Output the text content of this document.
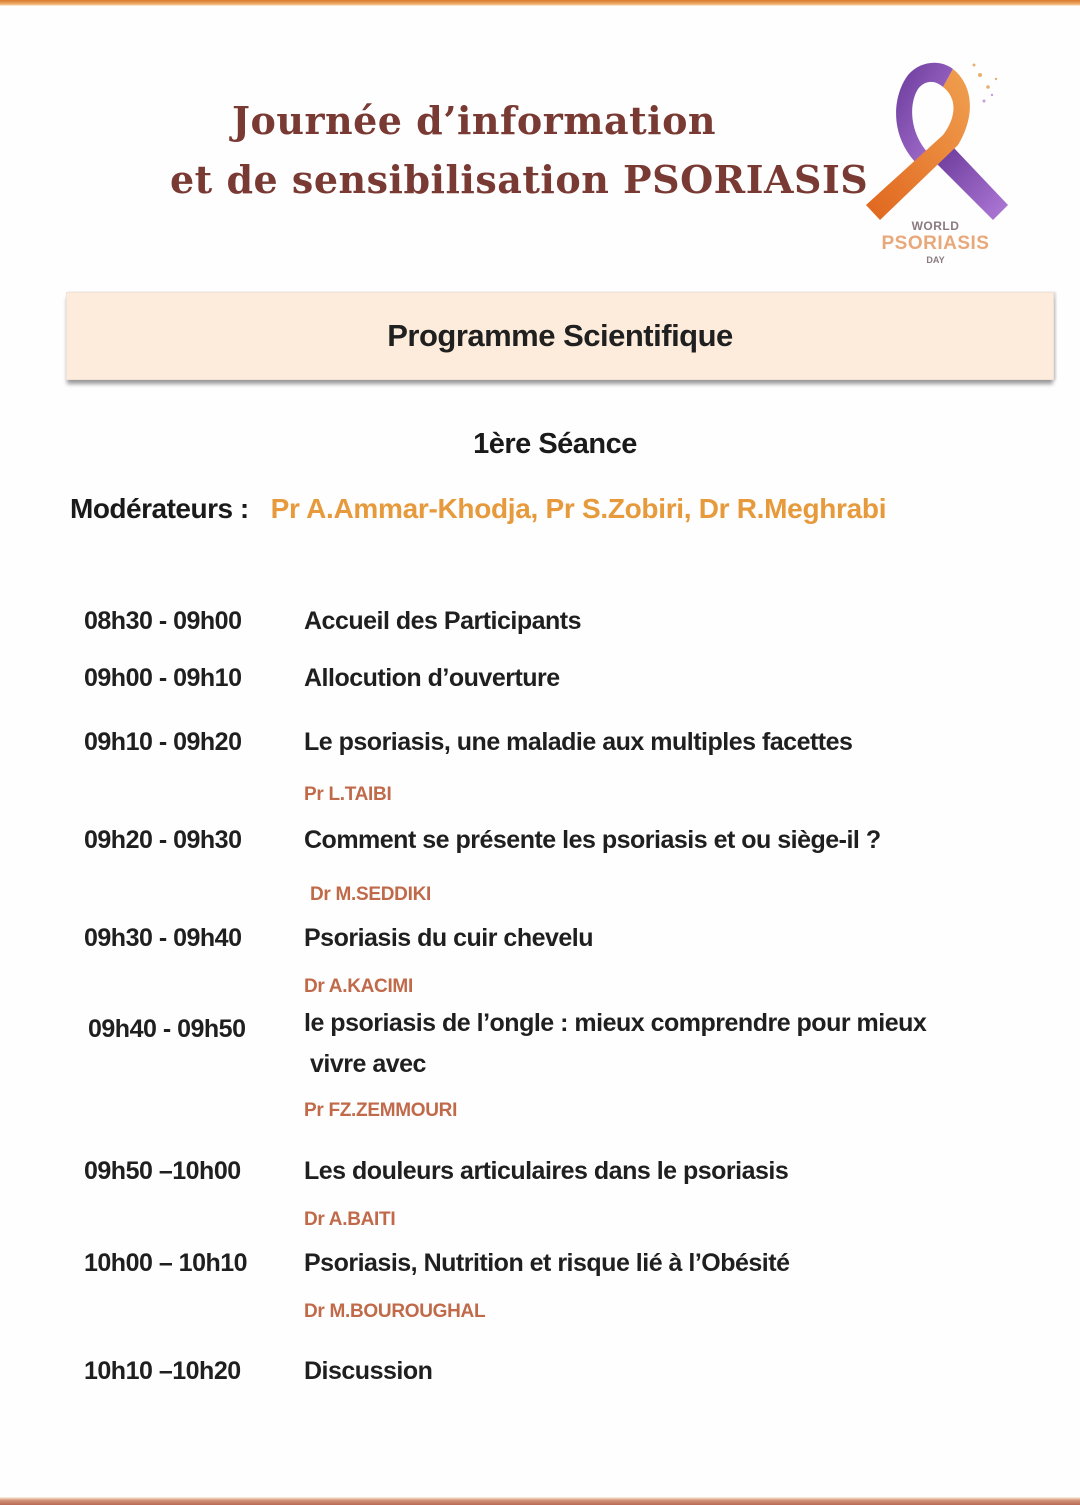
Journée d’information
et de sensibilisation PSORIASIS
WORLD
PSORIASIS
DAY
Programme Scientifique
1ère Séance
Modérateurs : Pr A.Ammar-Khodja, Pr S.Zobiri, Dr R.Meghrabi
08h30 - 09h00	Accueil des Participants
09h00 - 09h10	Allocution d’ouverture
09h10 - 09h20	Le psoriasis, une maladie aux multiples facettes
Pr L.TAIBI
09h20 - 09h30	Comment se présente les psoriasis et ou siège-il ?
Dr M.SEDDIKI
09h30 - 09h40	Psoriasis du cuir chevelu
Dr A.KACIMI
09h40 - 09h50 le psoriasis de l’ongle : mieux comprendre pour mieux
vivre avec
Pr FZ.ZEMMOURI
09h50 –10h00	Les douleurs articulaires dans le psoriasis
Dr A.BAITI
10h00 – 10h10 Psoriasis, Nutrition et risque lié à l’Obésité
Dr M.BOUROUGHAL
10h10 –10h20	Discussion
